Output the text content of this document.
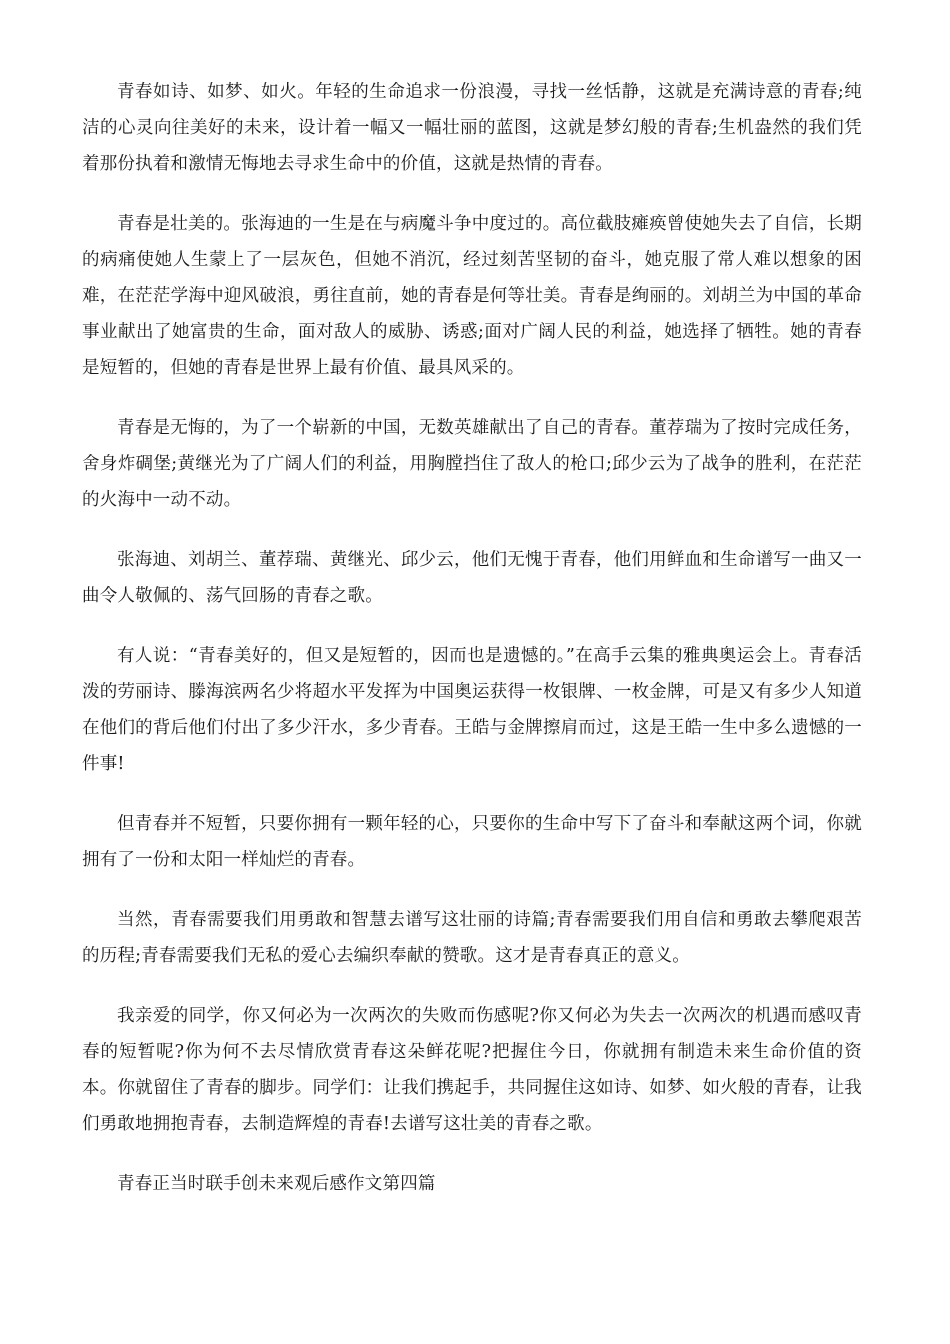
青春如诗、如梦、如火。年轻的生命追求一份浪漫，寻找一丝恬静，这就是充满诗意的青春;纯洁的心灵向往美好的未来，设计着一幅又一幅壮丽的蓝图，这就是梦幻般的青春;生机盎然的我们凭着那份执着和激情无悔地去寻求生命中的价值，这就是热情的青春。

青春是壮美的。张海迪的一生是在与病魔斗争中度过的。高位截肢瘫痪曾使她失去了自信，长期的病痛使她人生蒙上了一层灰色，但她不消沉，经过刻苦坚韧的奋斗，她克服了常人难以想象的困难，在茫茫学海中迎风破浪，勇往直前，她的青春是何等壮美。青春是绚丽的。刘胡兰为中国的革命事业献出了她富贵的生命，面对敌人的威胁、诱惑;面对广阔人民的利益，她选择了牺牲。她的青春是短暂的，但她的青春是世界上最有价值、最具风采的。

青春是无悔的，为了一个崭新的中国，无数英雄献出了自己的青春。董荐瑞为了按时完成任务，舍身炸碉堡;黄继光为了广阔人们的利益，用胸膛挡住了敌人的枪口;邱少云为了战争的胜利，在茫茫的火海中一动不动。

张海迪、刘胡兰、董荐瑞、黄继光、邱少云，他们无愧于青春，他们用鲜血和生命谱写一曲又一曲令人敬佩的、荡气回肠的青春之歌。

有人说：“青春美好的，但又是短暂的，因而也是遗憾的。”在高手云集的雅典奥运会上。青春活泼的劳丽诗、滕海滨两名少将超水平发挥为中国奥运获得一枚银牌、一枚金牌，可是又有多少人知道在他们的背后他们付出了多少汗水，多少青春。王皓与金牌擦肩而过，这是王皓一生中多么遗憾的一件事!

但青春并不短暂，只要你拥有一颗年轻的心，只要你的生命中写下了奋斗和奉献这两个词，你就拥有了一份和太阳一样灿烂的青春。

当然，青春需要我们用勇敢和智慧去谱写这壮丽的诗篇;青春需要我们用自信和勇敢去攀爬艰苦的历程;青春需要我们无私的爱心去编织奉献的赞歌。这才是青春真正的意义。

我亲爱的同学，你又何必为一次两次的失败而伤感呢?你又何必为失去一次两次的机遇而感叹青春的短暂呢?你为何不去尽情欣赏青春这朵鲜花呢?把握住今日，你就拥有制造未来生命价值的资本。你就留住了青春的脚步。同学们：让我们携起手，共同握住这如诗、如梦、如火般的青春，让我们勇敢地拥抱青春，去制造辉煌的青春!去谱写这壮美的青春之歌。

青春正当时联手创未来观后感作文第四篇
